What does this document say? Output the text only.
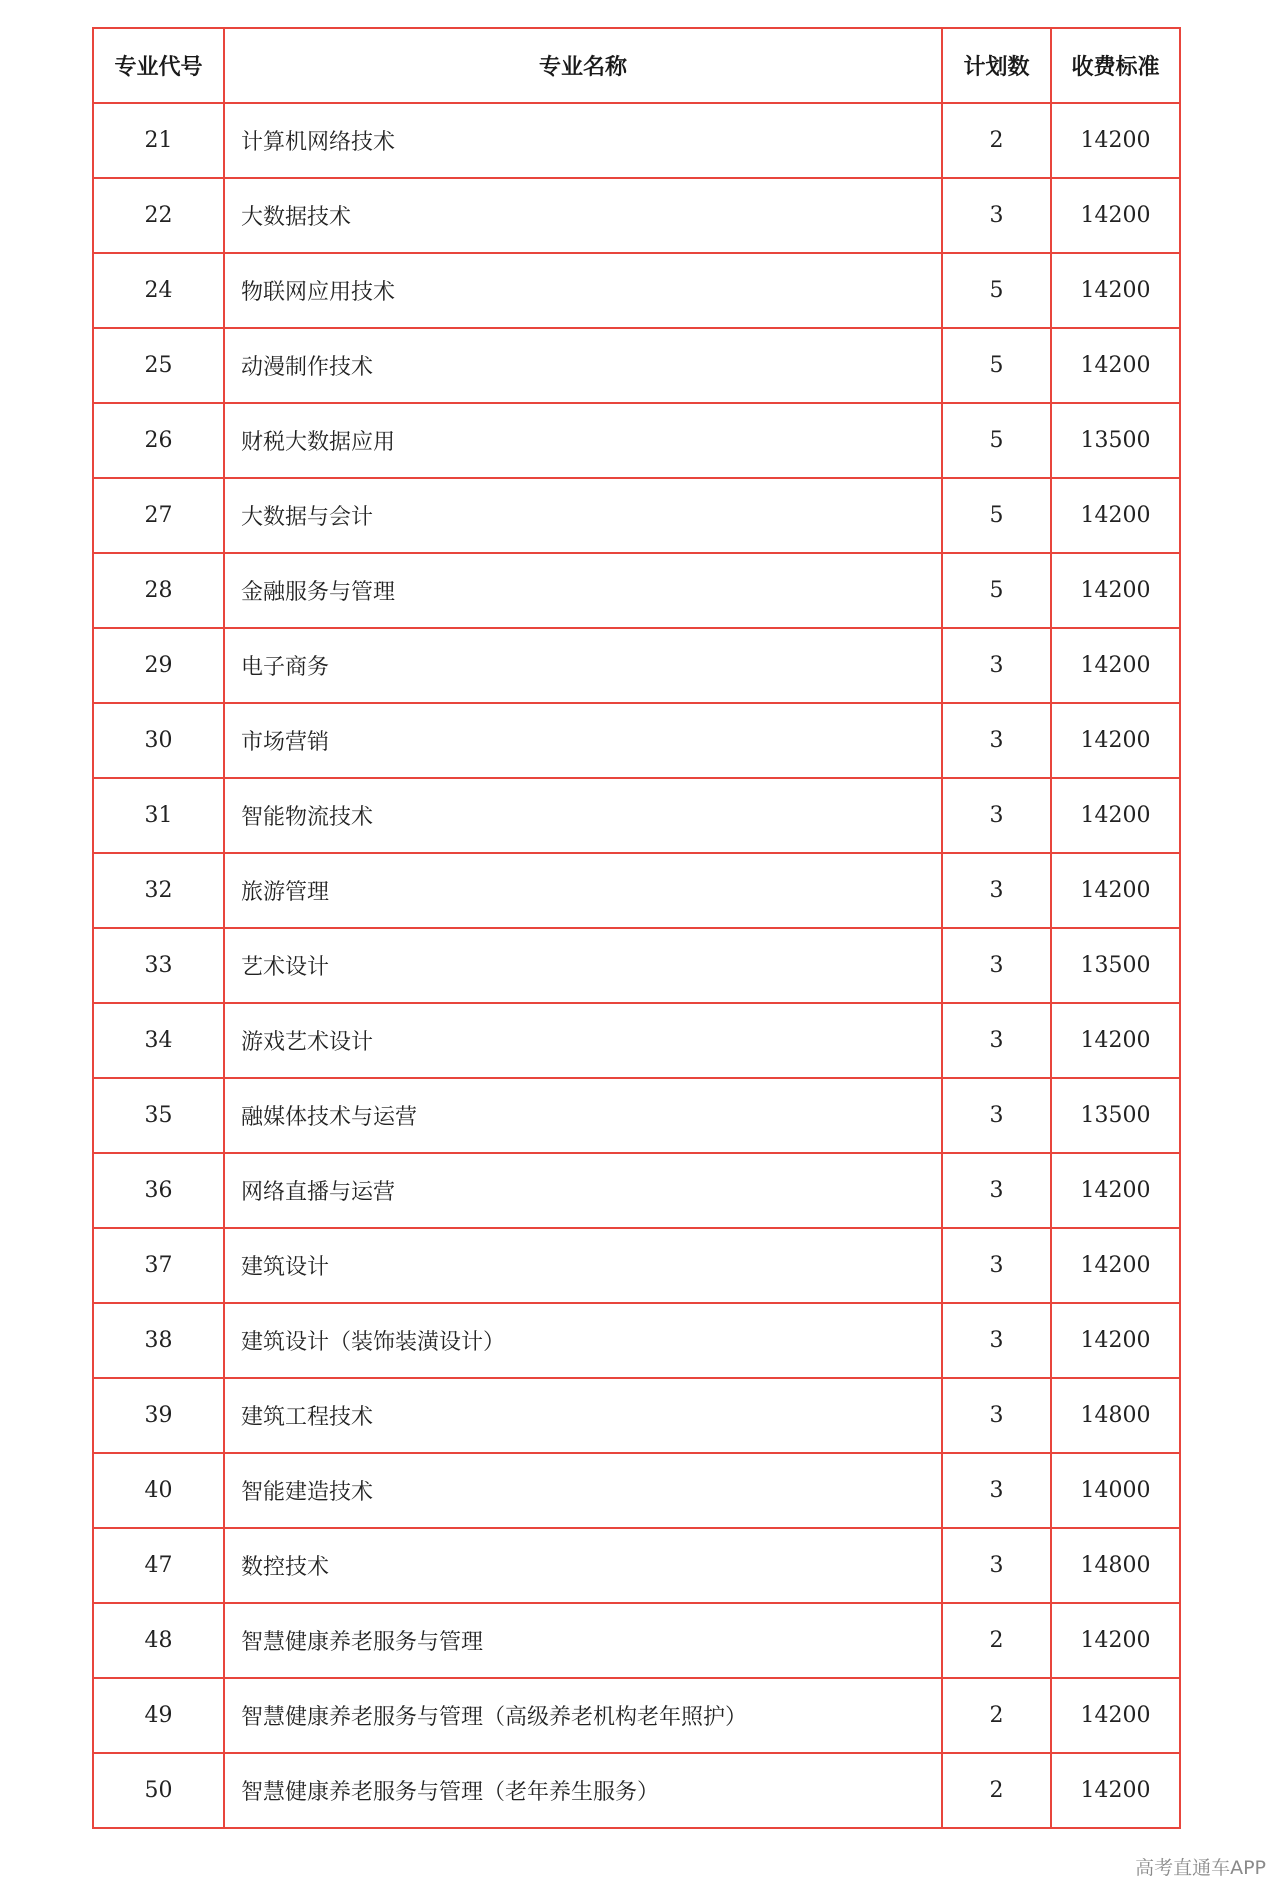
专业代号	专业名称	计划数	收费标准
21	计算机网络技术	2	14200
22	大数据技术	3	14200
24	物联网应用技术	5	14200
25	动漫制作技术	5	14200
26	财税大数据应用	5	13500
27	大数据与会计	5	14200
28	金融服务与管理	5	14200
29	电子商务	3	14200
30	市场营销	3	14200
31	智能物流技术	3	14200
32	旅游管理	3	14200
33	艺术设计	3	13500
34	游戏艺术设计	3	14200
35	融媒体技术与运营	3	13500
36	网络直播与运营	3	14200
37	建筑设计	3	14200
38	建筑设计（装饰装潢设计）	3	14200
39	建筑工程技术	3	14800
40	智能建造技术	3	14000
47	数控技术	3	14800
48	智慧健康养老服务与管理	2	14200
49	智慧健康养老服务与管理（高级养老机构老年照护）	2	14200
50	智慧健康养老服务与管理（老年养生服务）	2	14200
高考直通车APP
